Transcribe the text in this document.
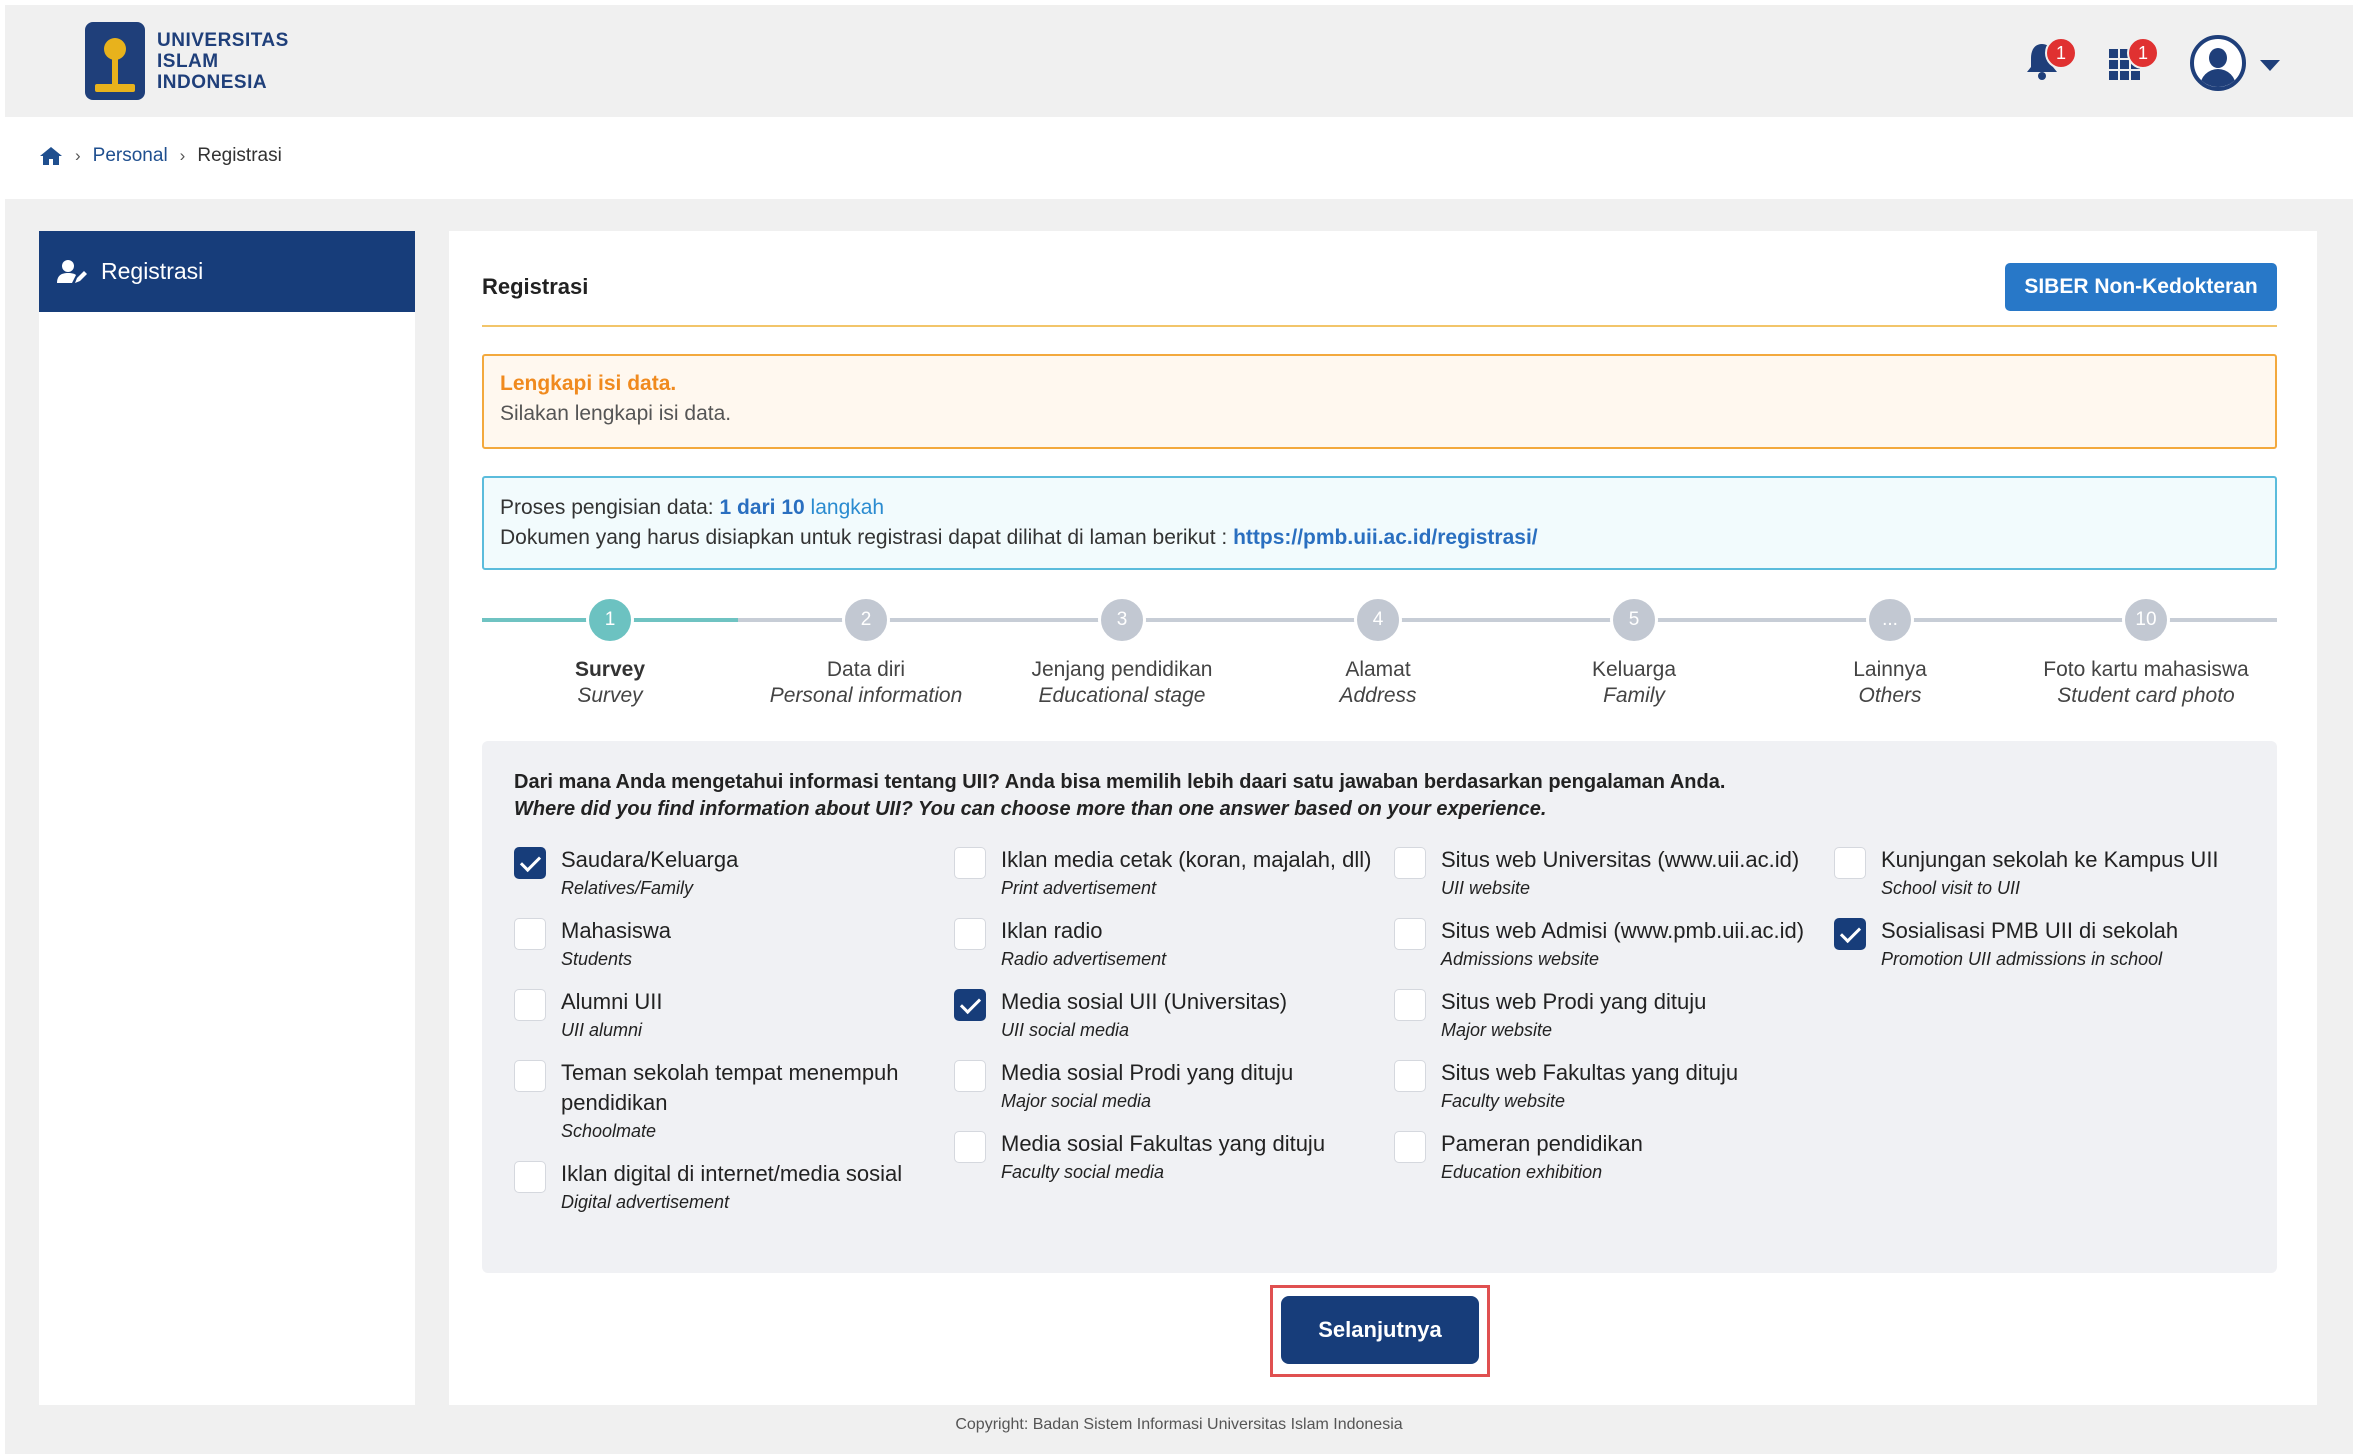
UNIVERSITAS
ISLAM
INDONESIA
1	1
› Personal › Registrasi
Registrasi
Registrasi	SIBER Non-Kedokteran
Lengkapi isi data.
Silakan lengkapi isi data.
Proses pengisian data: 1 dari 10 langkah
Dokumen yang harus disiapkan untuk registrasi dapat dilihat di laman berikut : https://pmb.uii.ac.id/registrasi/
1
Survey
Survey
2
Data diri
Personal information
3
Jenjang pendidikan
Educational stage
4
Alamat
Address
5
Keluarga
Family
...
Lainnya
Others
10
Foto kartu mahasiswa
Student card photo
Dari mana Anda mengetahui informasi tentang UII? Anda bisa memilih lebih daari satu jawaban berdasarkan pengalaman Anda.
Where did you find information about UII? You can choose more than one answer based on your experience.
Saudara/Keluarga
Relatives/Family
Mahasiswa
Students
Alumni UII
UII alumni
Teman sekolah tempat menempuh pendidikan
Schoolmate
Iklan digital di internet/media sosial
Digital advertisement
Iklan media cetak (koran, majalah, dll)
Print advertisement
Iklan radio
Radio advertisement
Media sosial UII (Universitas)
UII social media
Media sosial Prodi yang dituju
Major social media
Media sosial Fakultas yang dituju
Faculty social media
Situs web Universitas (www.uii.ac.id)
UII website
Situs web Admisi (www.pmb.uii.ac.id)
Admissions website
Situs web Prodi yang dituju
Major website
Situs web Fakultas yang dituju
Faculty website
Pameran pendidikan
Education exhibition
Kunjungan sekolah ke Kampus UII
School visit to UII
Sosialisasi PMB UII di sekolah
Promotion UII admissions in school
Selanjutnya
Copyright: Badan Sistem Informasi Universitas Islam Indonesia
